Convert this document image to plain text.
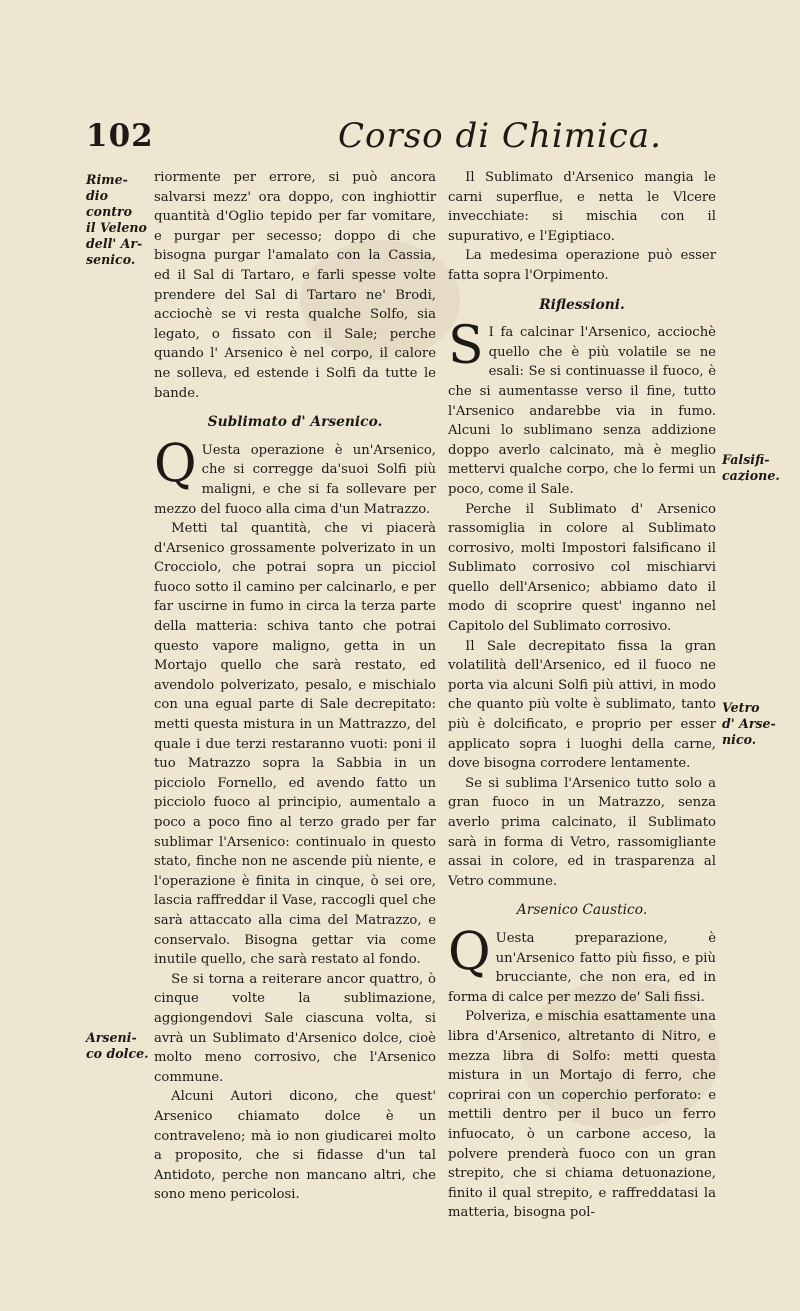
102	Corso di Chimica.
Rime-
dio contro
il Veleno
dell' Ar-
senico.
Arseni-
co dolce.
Falsifi-
cazione.
Vetro
d' Arse-
nico.

riormente per errore, si può ancora salvarsi mezz' ora doppo, con inghiottir quantità d'Oglio tepido per far vomitare, e purgar per secesso; doppo di che bisogna purgar l'amalato con la Cassia, ed il Sal di Tartaro, e farli spesse volte prendere del Sal di Tartaro ne' Brodi, acciochè se vi resta qualche Solfo, sia legato, o fissato con il Sale; perche quando l' Arsenico è nel corpo, il calore ne solleva, ed estende i Solfi da tutte le bande.

Sublimato d' Arsenico.

Q Uesta operazione è un'Arsenico, che si corregge da'suoi Solfi più maligni, e che si fa sollevare per mezzo del fuoco alla cima d'un Matrazzo.

Metti tal quantità, che vi piacerà d'Arsenico grossamente polverizato in un Crocciolo, che potrai sopra un picciol fuoco sotto il camino per calcinarlo, e per far uscirne in fumo in circa la terza parte della matteria: schiva tanto che potrai questo vapore maligno, getta in un Mortajo quello che sarà restato, ed avendolo polverizato, pesalo, e mischialo con una egual parte di Sale decrepitato: metti questa mistura in un Mattrazzo, del quale i due terzi restaranno vuoti: poni il tuo Matrazzo sopra la Sabbia in un picciolo Fornello, ed avendo fatto un picciolo fuoco al principio, aumentalo a poco a poco fino al terzo grado per far sublimar l'Arsenico: continualo in questo stato, finche non ne ascende più niente, e l'operazione è finita in cinque, ò sei ore, lascia raffreddar il Vase, raccogli quel che sarà attaccato alla cima del Matrazzo, e conservalo. Bisogna gettar via come inutile quello, che sarà restato al fondo.

Se si torna a reiterare ancor quattro, ò cinque volte la sublimazione, aggiongendovi Sale ciascuna volta, si avrà un Sublimato d'Arsenico dolce, cioè molto meno corrosivo, che l'Arsenico commune.

Alcuni Autori dicono, che quest' Arsenico chiamato dolce è un contraveleno; mà io non giudicarei molto a proposito, che si fidasse d'un tal Antidoto, perche non mancano altri, che sono meno pericolosi.

Il Sublimato d'Arsenico mangia le carni superflue, e netta le Vlcere invecchiate: si mischia con il supurativo, e l'Egiptiaco.

La medesima operazione può esser fatta sopra l'Orpimento.

Riflessioni.

S I fa calcinar l'Arsenico, acciochè quello che è più volatile se ne esali: Se si continuasse il fuoco, è che si aumentasse verso il fine, tutto l'Arsenico andarebbe via in fumo. Alcuni lo sublimano senza addizione doppo averlo calcinato, mà è meglio mettervi qualche corpo, che lo fermi un poco, come il Sale.

Perche il Sublimato d' Arsenico rassomiglia in colore al Sublimato corrosivo, molti Impostori falsificano il Sublimato corrosivo col mischiarvi quello dell'Arsenico; abbiamo dato il modo di scoprire quest' inganno nel Capitolo del Sublimato corrosivo.

Il Sale decrepitato fissa la gran volatilità dell'Arsenico, ed il fuoco ne porta via alcuni Solfi più attivi, in modo che quanto più volte è sublimato, tanto più è dolcificato, e proprio per esser applicato sopra i luoghi della carne, dove bisogna corrodere lentamente.

Se si sublima l'Arsenico tutto solo a gran fuoco in un Matrazzo, senza averlo prima calcinato, il Sublimato sarà in forma di Vetro, rassomigliante assai in colore, ed in trasparenza al Vetro commune.

Arsenico Caustico.

Q Uesta preparazione, è un'Arsenico fatto più fisso, e più brucciante, che non era, ed in forma di calce per mezzo de' Sali fissi.

Polveriza, e mischia esattamente una libra d'Arsenico, altretanto di Nitro, e mezza libra di Solfo: metti questa mistura in un Mortajo di ferro, che coprirai con un coperchio perforato: e mettili dentro per il buco un ferro infuocato, ò un carbone acceso, la polvere prenderà fuoco con un gran strepito, che si chiama detuonazione, finito il qual strepito, e raffreddatasi la matteria, bisogna pol-
